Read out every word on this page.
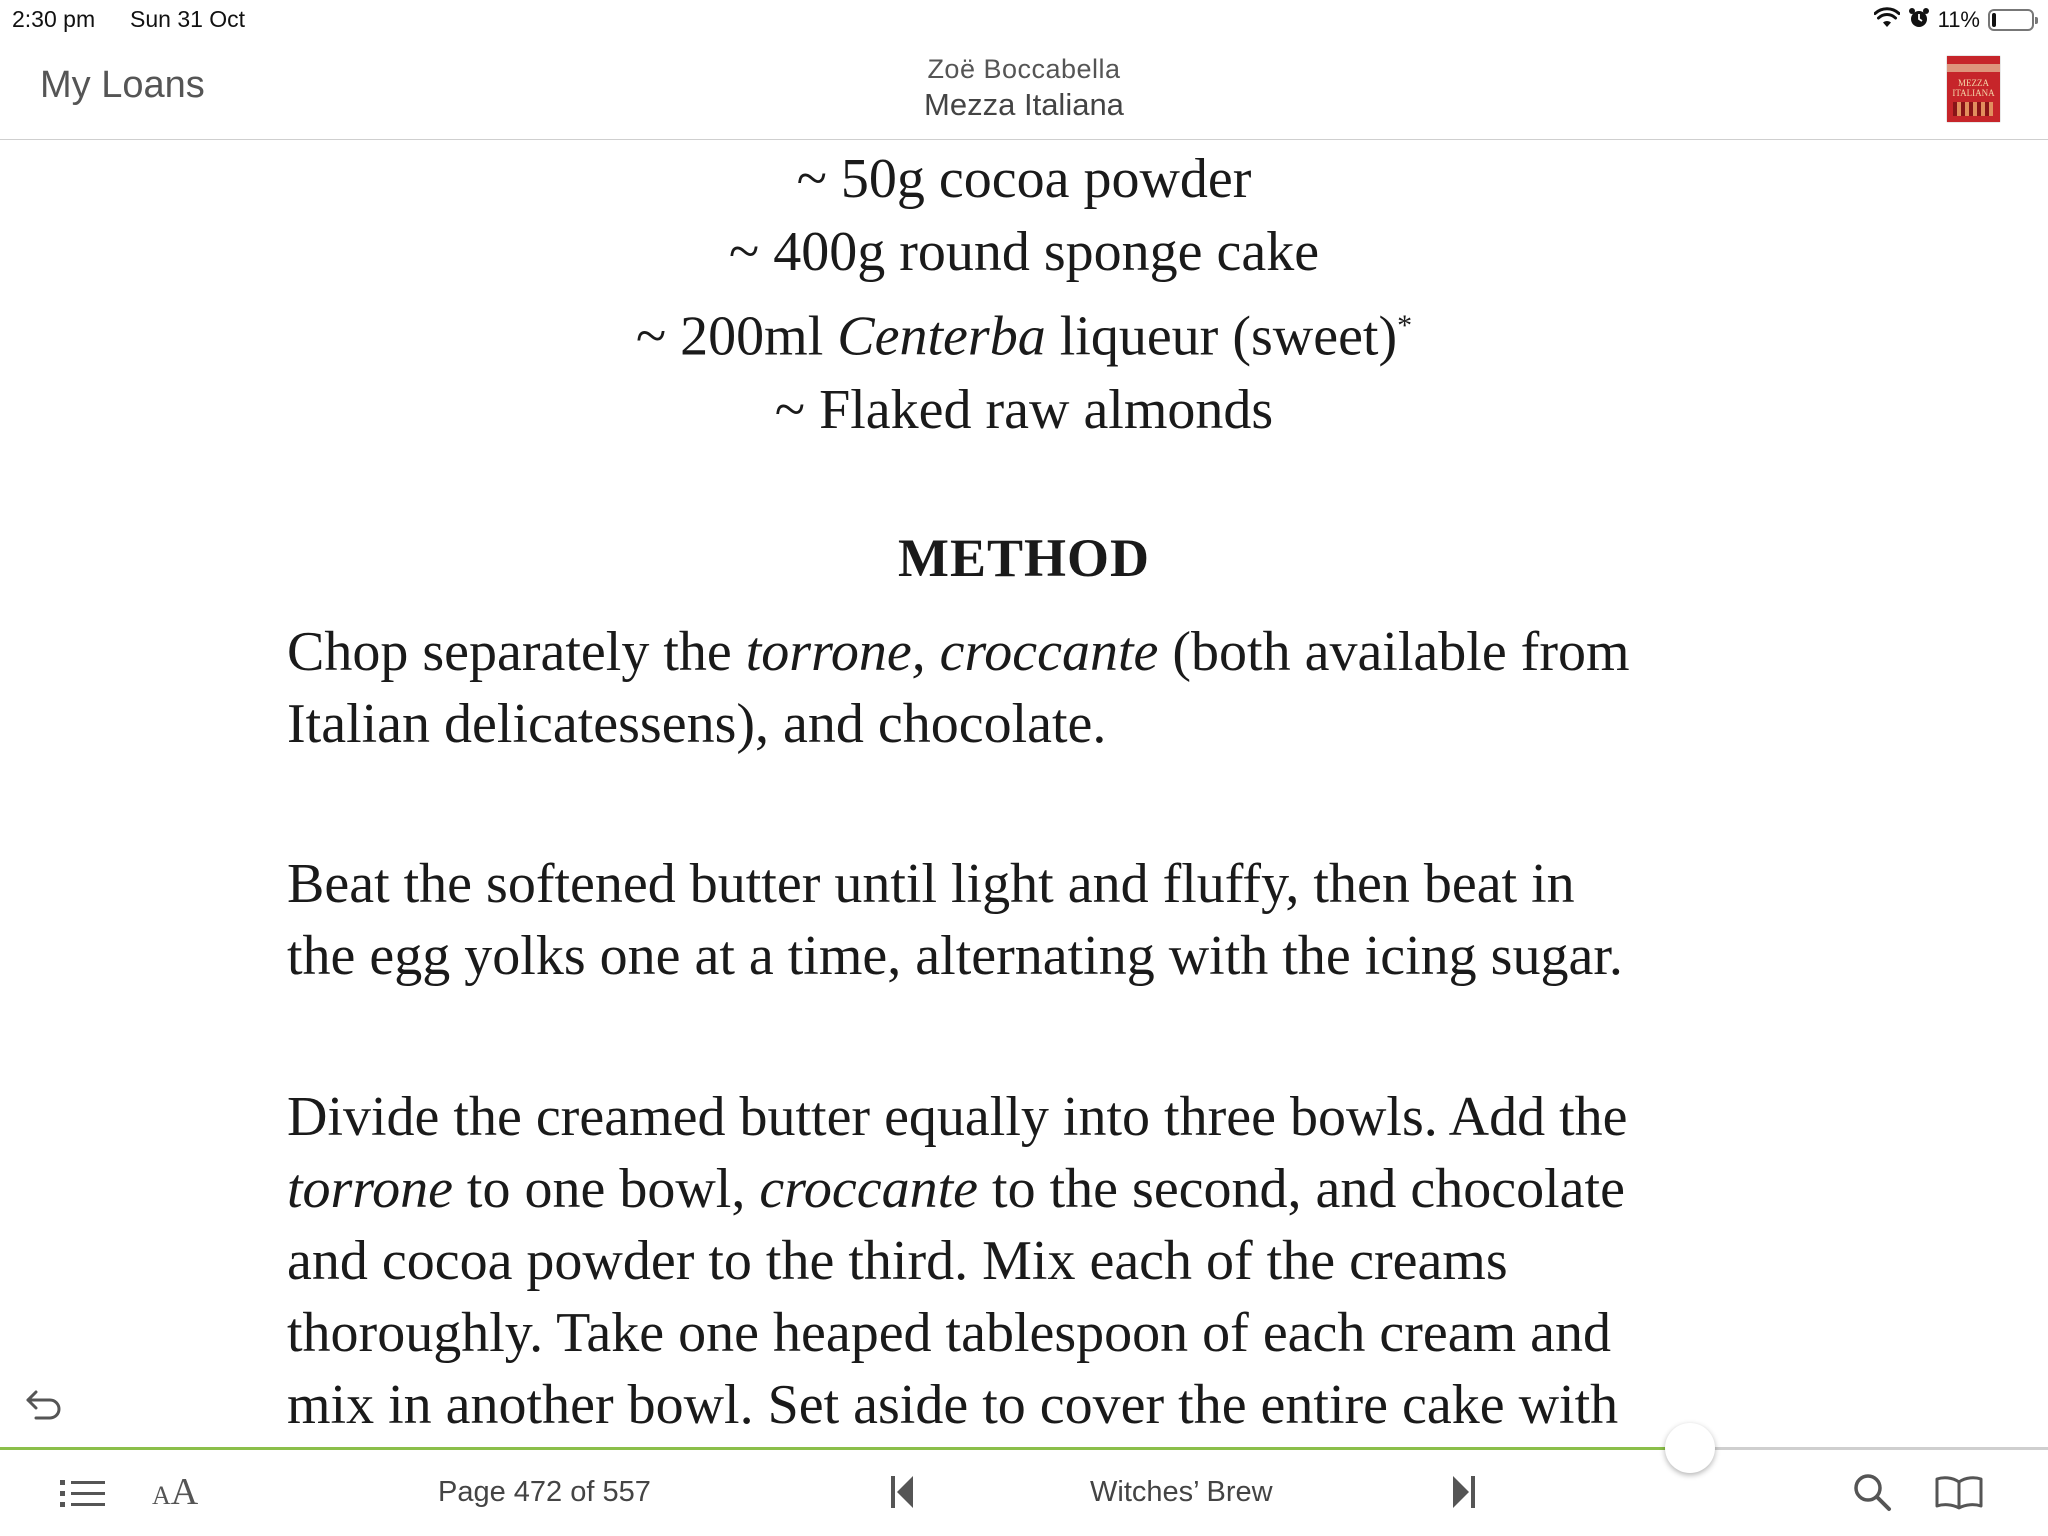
2:30 pm Sun 31 Oct	11%
My Loans	Zoë Boccabella
Mezza Italiana
MEZZA ITALIANA
~ 50g cocoa powder
~ 400g round sponge cake
~ 200ml Centerba liqueur (sweet)*
~ Flaked raw almonds
METHOD
Chop separately the torrone, croccante (both available from
Italian delicatessens), and chocolate.
Beat the softened butter until light and fluffy, then beat in
the egg yolks one at a time, alternating with the icing sugar.
Divide the creamed butter equally into three bowls. Add the
torrone to one bowl, croccante to the second, and chocolate
and cocoa powder to the third. Mix each of the creams
thoroughly. Take one heaped tablespoon of each cream and
mix in another bowl. Set aside to cover the entire cake with
AA	Page 472 of 557	Witches’ Brew
